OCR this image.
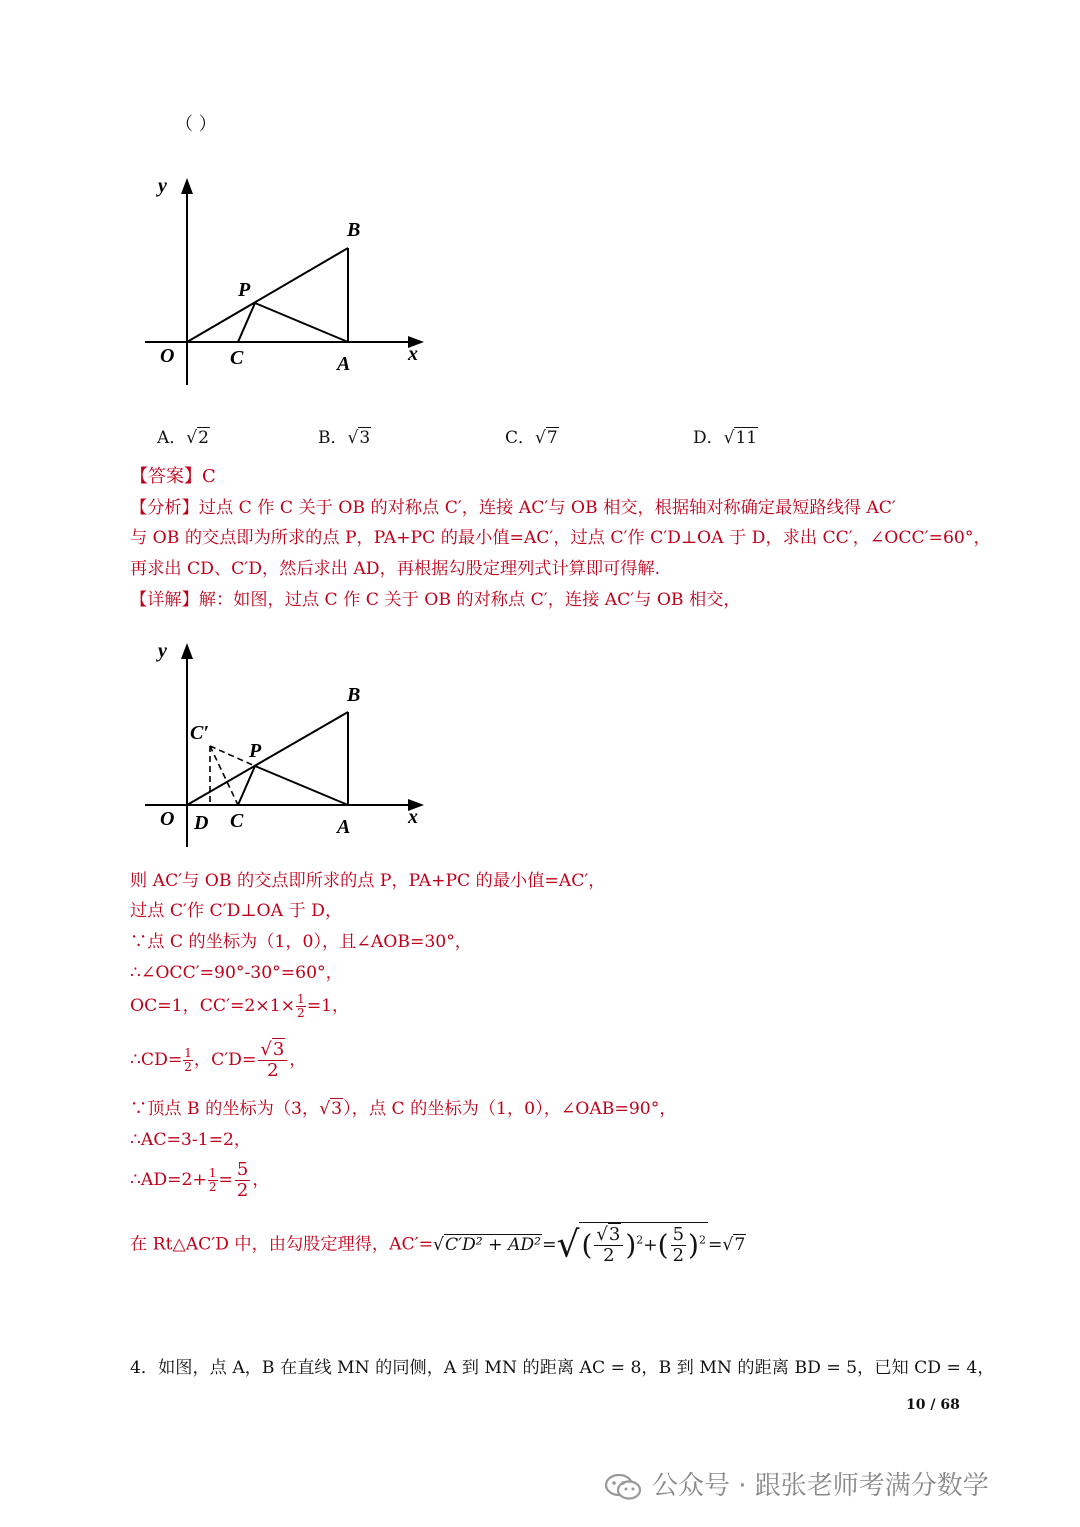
（ ）
y
x
O	C	A
P
B
A．√2	B．√3	C．√7	D．√11
【答案】C
【分析】过点 C 作 C 关于 OB 的对称点 C′，连接 AC′与 OB 相交，根据轴对称确定最短路线得 AC′
与 OB 的交点即为所求的点 P，PA+PC 的最小值=AC′，过点 C′作 C′D⊥OA 于 D，求出 CC′，∠OCC′=60°，
再求出 CD、C′D，然后求出 AD，再根据勾股定理列式计算即可得解.
【详解】解：如图，过点 C 作 C 关于 OB 的对称点 C′，连接 AC′与 OB 相交，
y
x
O D C	A
P
B
C′
则 AC′与 OB 的交点即所求的点 P，PA+PC 的最小值=AC′，
过点 C′作 C′D⊥OA 于 D，
∵点 C 的坐标为（1，0），且∠AOB=30°，
∴∠OCC′=90°-30°=60°，
OC=1，$CC'=2\times 1\times \frac{1}{2} =1$，
∴CD= $\frac{1}{2}$ ，$C'D= \frac{√3}{2}$ ，
∵顶点 B 的坐标为（3，√3），点 C 的坐标为（1，0），∠OAB=90°，
∴AC=3-1=2，
∴AD=2+ $\frac{1}{2} = \frac{5}{2}$ ，
在 Rt△AC′D 中，由勾股定理得，$AC'=√C'D^2 + AD^2=√( \frac{√3}{2} )^2+( \frac{5}{2} )^2 =√7$
4．如图，点 A，B 在直线 MN 的同侧，A 到 MN 的距离 AC = 8，B 到 MN 的距离 BD = 5，已知 CD = 4，
10 / 68
公众号 · 跟张老师考满分数学
